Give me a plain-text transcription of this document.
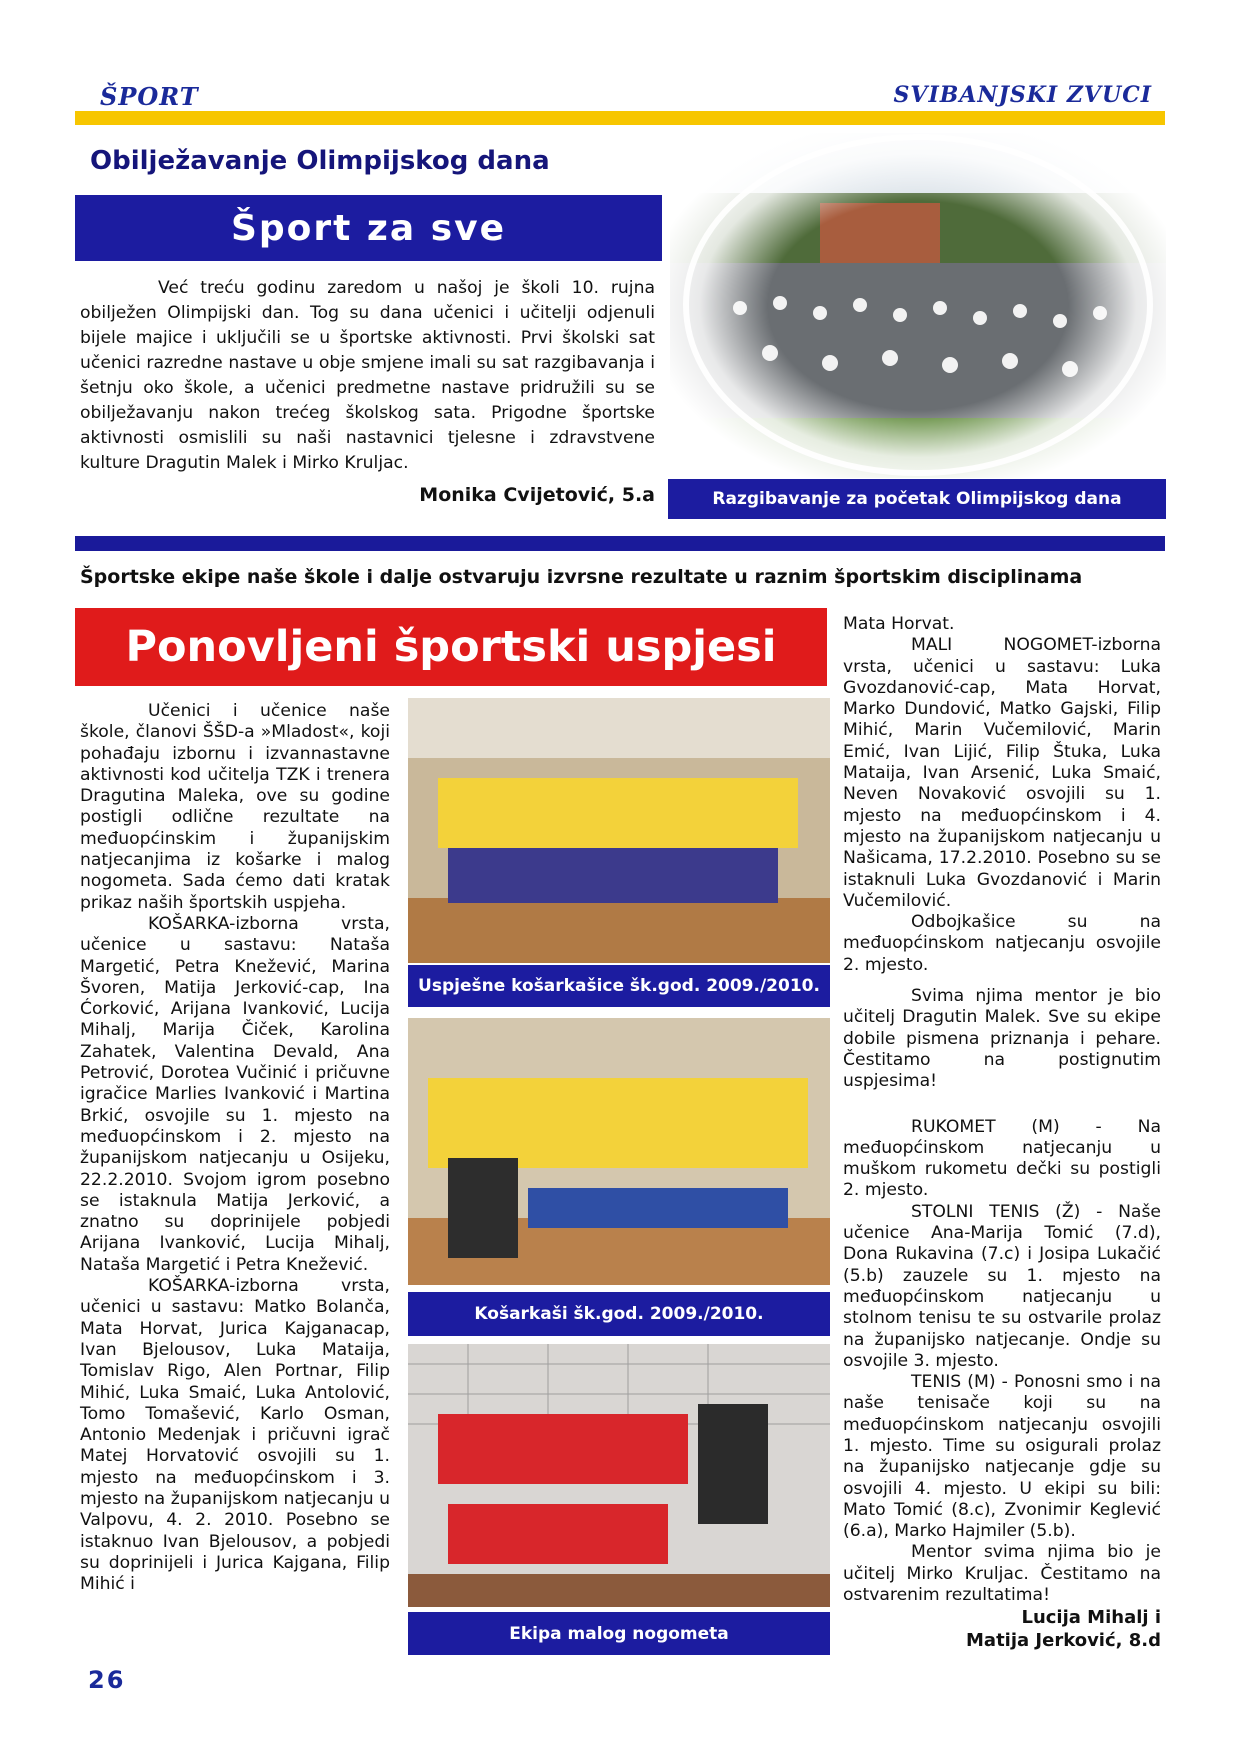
ŠPORT	SVIBANJSKI ZVUCI
Obilježavanje Olimpijskog dana
Šport za sve

Već treću godinu zaredom u našoj je školi 10. rujna obilježen Olimpijski dan. Tog su dana učenici i učitelji odjenuli bijele majice i uključili se u športske aktivnosti. Prvi školski sat učenici razredne nastave u obje smjene imali su sat razgibavanja i šetnju oko škole, a učenici predmetne nastave pridružili su se obilježavanju nakon trećeg školskog sata. Prigodne športske aktivnosti osmislili su naši nastavnici tjelesne i zdravstvene kulture Dragutin Malek i Mirko Kruljac.

Monika Cvijetović, 5.a	Razgibavanje za početak Olimpijskog dana
Športske ekipe naše škole i dalje ostvaruju izvrsne rezultate u raznim športskim disciplinama
Ponovljeni športski uspjesi

Učenici i učenice naše škole, članovi ŠŠD-a »Mladost«, koji pohađaju izbornu i izvannastavne aktivnosti kod učitelja TZK i trenera Dragutina Maleka, ove su godine postigli odlične rezultate na međuopćinskim i županijskim natjecanjima iz košarke i malog nogometa. Sada ćemo dati kratak prikaz naših športskih uspjeha.

KOŠARKA-izborna vrsta, učenice u sastavu: Nataša Margetić, Petra Knežević, Marina Švoren, Matija Jerković-cap, Ina Ćorković, Arijana Ivanković, Lucija Mihalj, Marija Čiček, Karolina Zahatek, Valentina Devald, Ana Petrović, Dorotea Vučinić i pričuvne igračice Marlies Ivanković i Martina Brkić, osvojile su 1. mjesto na međuopćinskom i 2. mjesto na županijskom natjecanju u Osijeku, 22.2.2010. Svojom igrom posebno se istaknula Matija Jerković, a znatno su doprinijele pobjedi Arijana Ivanković, Lucija Mihalj, Nataša Margetić i Petra Knežević.

KOŠARKA-izborna vrsta, učenici u sastavu: Matko Bolanča, Mata Horvat, Jurica Kajganacap, Ivan Bjelousov, Luka Mataija, Tomislav Rigo, Alen Portnar, Filip Mihić, Luka Smaić, Luka Antolović, Tomo Tomašević, Karlo Osman, Antonio Medenjak i pričuvni igrač Matej Horvatović osvojili su 1. mjesto na međuopćinskom i 3. mjesto na županijskom natjecanju u Valpovu, 4. 2. 2010. Posebno se istaknuo Ivan Bjelousov, a pobjedi su doprinijeli i Jurica Kajgana, Filip Mihić i

Uspješne košarkašice šk.god. 2009./2010.
Košarkaši šk.god. 2009./2010.
Ekipa malog nogometa

Mata Horvat.

MALI NOGOMET-izborna vrsta, učenici u sastavu: Luka Gvozdanović-cap, Mata Horvat, Marko Dundović, Matko Gajski, Filip Mihić, Marin Vučemilović, Marin Emić, Ivan Lijić, Filip Štuka, Luka Mataija, Ivan Arsenić, Luka Smaić, Neven Novaković osvojili su 1. mjesto na međuopćinskom i 4. mjesto na županijskom natjecanju u Našicama, 17.2.2010. Posebno su se istaknuli Luka Gvozdanović i Marin Vučemilović.

Odbojkašice su na međuopćinskom natjecanju osvojile 2. mjesto.

Svima njima mentor je bio učitelj Dragutin Malek. Sve su ekipe dobile pismena priznanja i pehare. Čestitamo na postignutim uspjesima!

RUKOMET (M) - Na međuopćinskom natjecanju u muškom rukometu dečki su postigli 2. mjesto.

STOLNI TENIS (Ž) - Naše učenice Ana-Marija Tomić (7.d), Dona Rukavina (7.c) i Josipa Lukačić (5.b) zauzele su 1. mjesto na međuopćinskom natjecanju u stolnom tenisu te su ostvarile prolaz na županijsko natjecanje. Ondje su osvojile 3. mjesto.

TENIS (M) - Ponosni smo i na naše tenisače koji su na međuopćinskom natjecanju osvojili 1. mjesto. Time su osigurali prolaz na županijsko natjecanje gdje su osvojili 4. mjesto. U ekipi su bili: Mato Tomić (8.c), Zvonimir Keglević (6.a), Marko Hajmiler (5.b).

Mentor svima njima bio je učitelj Mirko Kruljac. Čestitamo na ostvarenim rezultatima!

Lucija Mihalj i
Matija Jerković, 8.d
26
